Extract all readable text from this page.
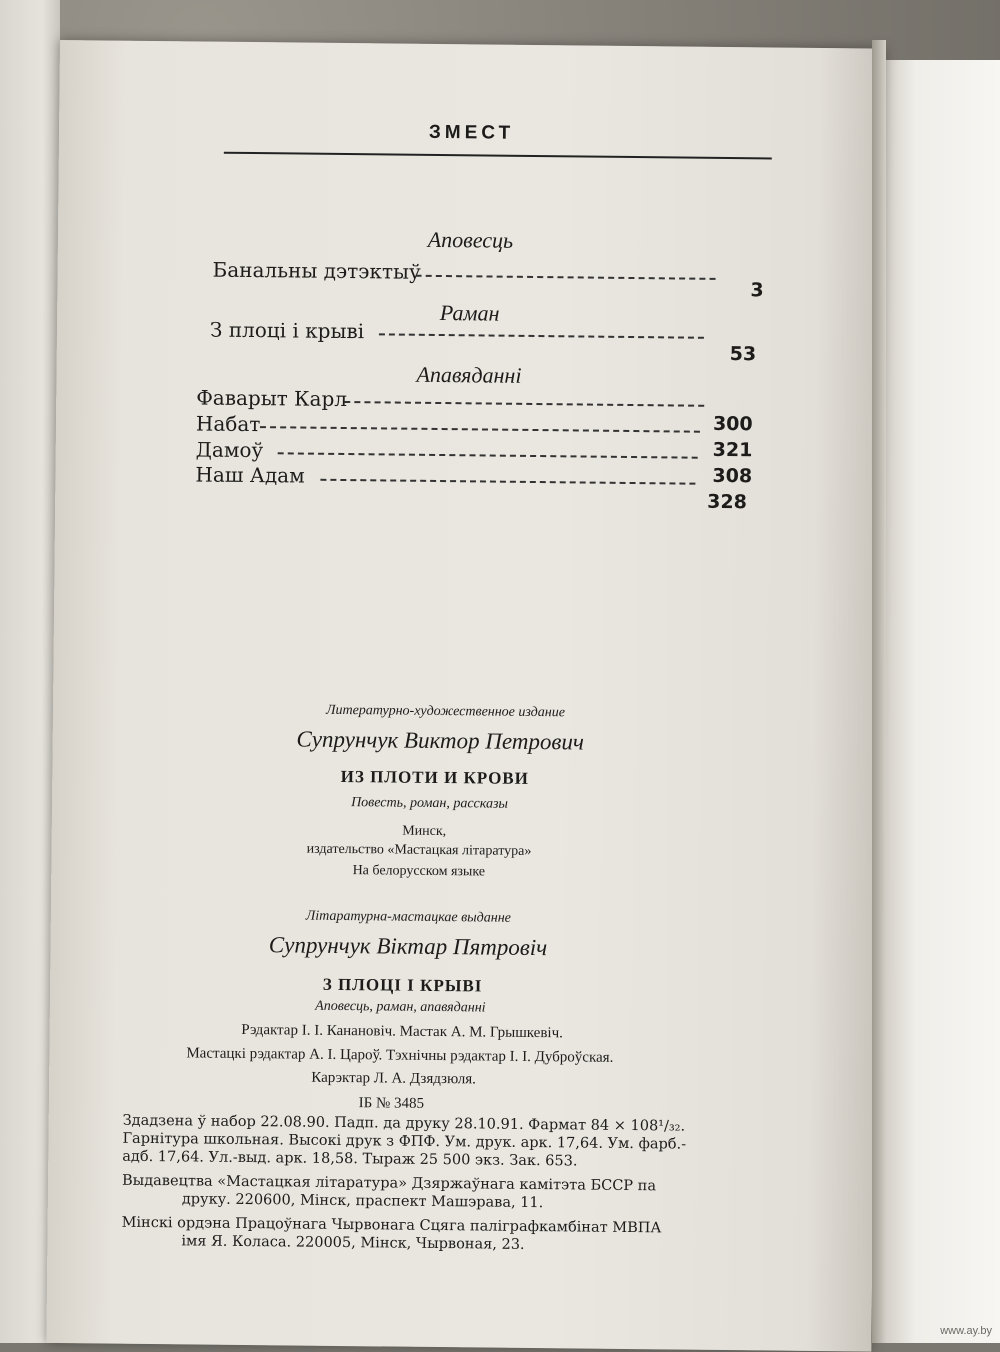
ЗМЕСТ
Аповесць
Банальны дэтэктыў
3
Раман
З плоці і крыві
53
Апавяданні
Фаварыт Карл
300
Набат
321
Дамоў
308
Наш Адам
328
Литературно-художественное издание
Супрунчук Виктор Петрович
ИЗ ПЛОТИ И КРОВИ
Повесть, роман, рассказы
Минск,
издательство «Мастацкая літаратура»
На белорусском языке
Літаратурна-мастацкае выданне
Супрунчук Віктар Пятровіч
З ПЛОЦІ І КРЫВІ
Аповесць, раман, апавяданні
Рэдактар І. І. Канановіч. Мастак А. М. Грышкевіч.
Мастацкі рэдактар А. І. Цароў. Тэхнічны рэдактар І. І. Дуброўская.
Карэктар Л. А. Дзядзюля.
ІБ № 3485
Здадзена ў набор 22.08.90. Падп. да друку 28.10.91. Фармат 84 × 108¹/₃₂.
Гарнітура школьная. Высокі друк з ФПФ. Ум. друк. арк. 17,64. Ум. фарб.-
адб. 17,64. Ул.-выд. арк. 18,58. Тыраж 25 500 экз. Зак. 653.
Выдавецтва «Мастацкая літаратура» Дзяржаўнага камітэта БССР па
друку. 220600, Мінск, праспект Машэрава, 11.
Мінскі ордэна Працоўнага Чырвонага Сцяга паліграфкамбінат МВПА
імя Я. Коласа. 220005, Мінск, Чырвоная, 23.
www.ay.by
